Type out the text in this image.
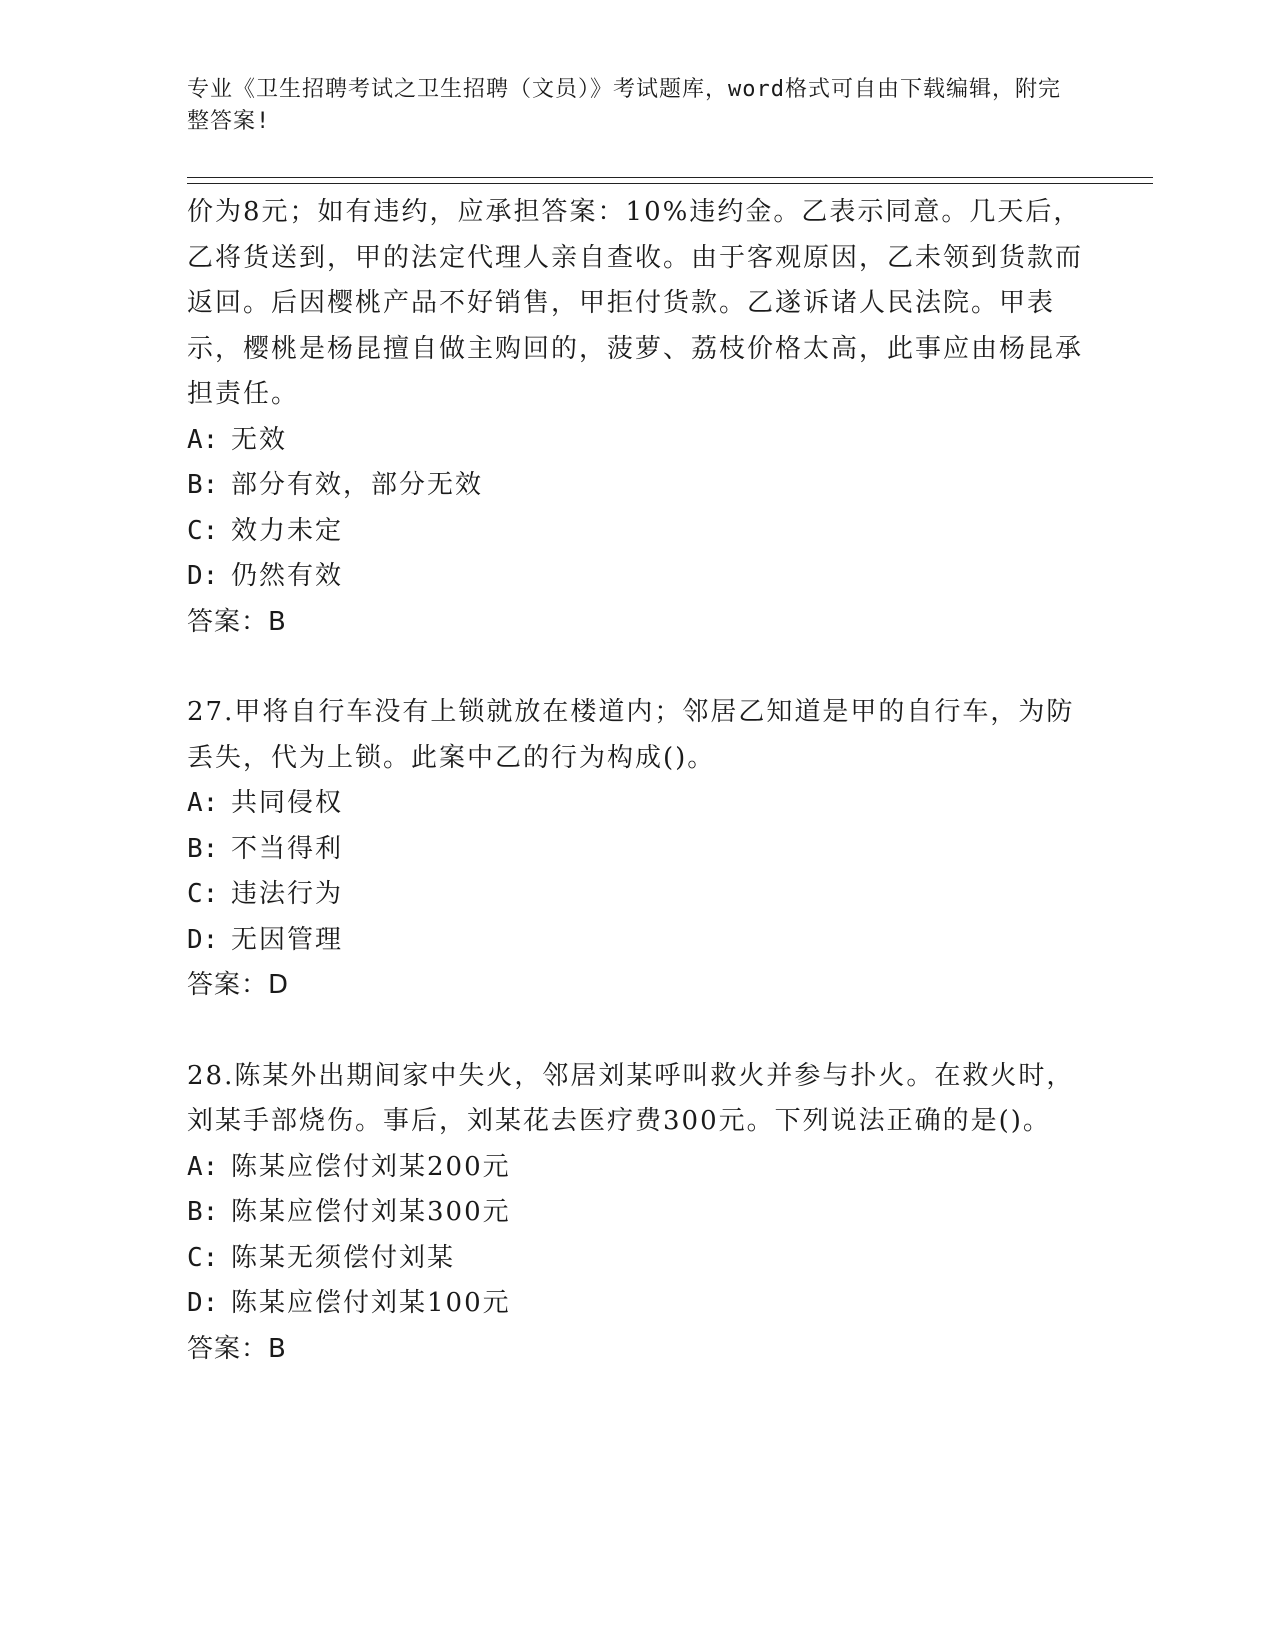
专业《卫生招聘考试之卫生招聘（文员）》考试题库，word格式可自由下载编辑，附完整答案!

价为8元；如有违约，应承担答案：10%违约金。乙表示同意。几天后，乙将货送到，甲的法定代理人亲自查收。由于客观原因，乙未领到货款而返回。后因樱桃产品不好销售，甲拒付货款。乙遂诉诸人民法院。甲表示，樱桃是杨昆擅自做主购回的，菠萝、荔枝价格太高，此事应由杨昆承担责任。

A: 无效

B: 部分有效，部分无效

C: 效力未定

D: 仍然有效

答案：B

27.甲将自行车没有上锁就放在楼道内；邻居乙知道是甲的自行车，为防丢失，代为上锁。此案中乙的行为构成()。

A: 共同侵权

B: 不当得利

C: 违法行为

D: 无因管理

答案：D

28.陈某外出期间家中失火，邻居刘某呼叫救火并参与扑火。在救火时，刘某手部烧伤。事后，刘某花去医疗费300元。下列说法正确的是()。

A: 陈某应偿付刘某200元

B: 陈某应偿付刘某300元

C: 陈某无须偿付刘某

D: 陈某应偿付刘某100元

答案：B
